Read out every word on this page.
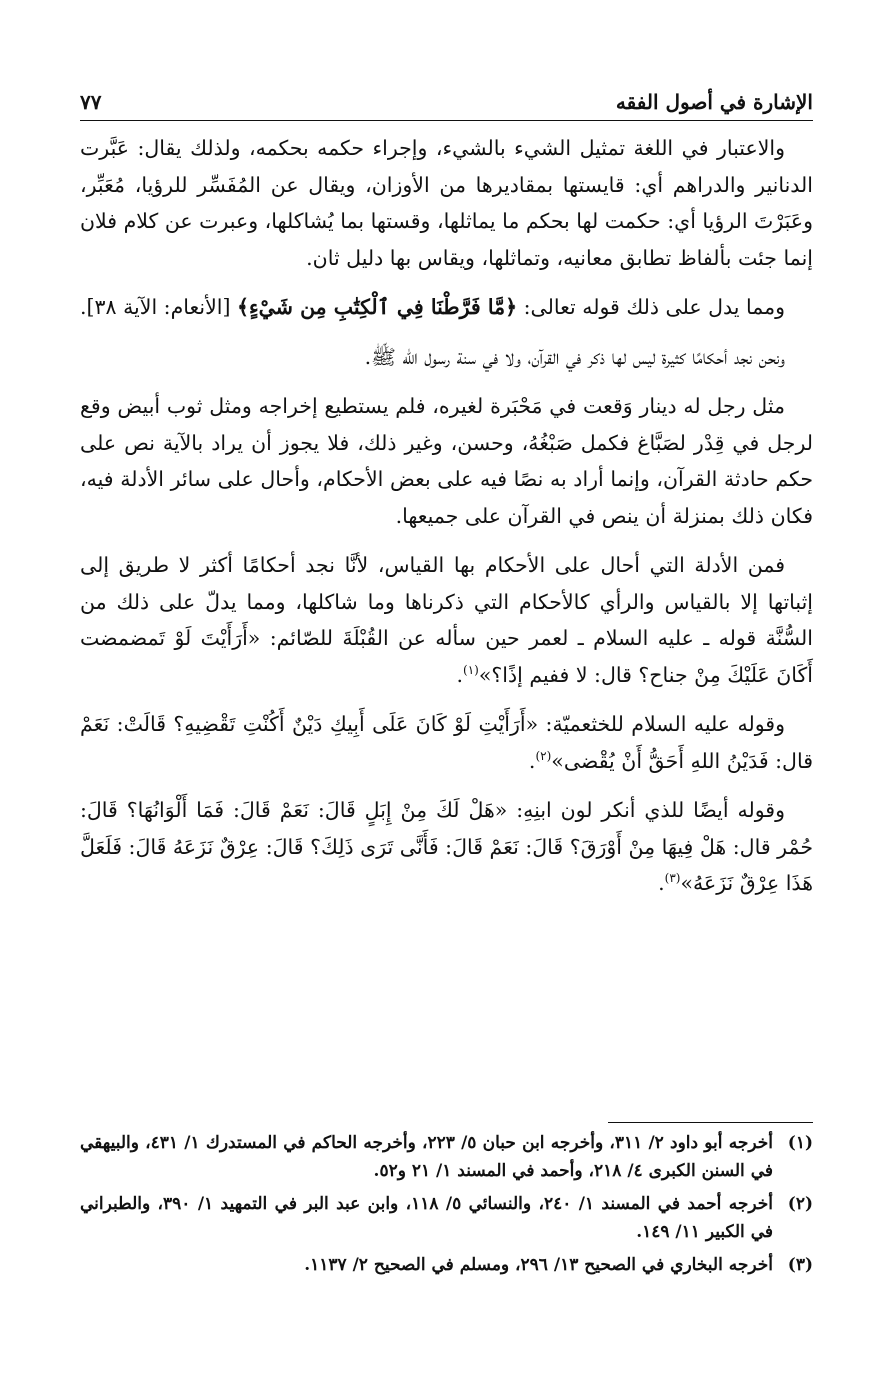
الإشارة في أصول الفقه
٧٧

والاعتبار في اللغة تمثيل الشيء بالشيء، وإجراء حكمه بحكمه، ولذلك يقال: عَبَّرت الدنانير والدراهم أي: قايستها بمقاديرها من الأوزان، ويقال عن المُفَسِّر للرؤيا، مُعَبِّر، وعَبَرْتَ الرؤيا أي: حكمت لها بحكم ما يماثلها، وقستها بما يُشاكلها، وعبرت عن كلام فلان إنما جئت بألفاظ تطابق معانيه، وتماثلها، ويقاس بها دليل ثان.

ومما يدل على ذلك قوله تعالى: ﴿مَّا فَرَّطْنَا فِي ٱلْكِتَٰبِ مِن شَيْءٍ﴾ [الأنعام: الآية ٣٨].

ونحن نجد أحكامًا كثيرة ليس لها ذكر في القرآن، ولا في سنة رسول الله ﷺ.

مثل رجل له دينار وَقعت في مَحْبَرة لغيره، فلم يستطيع إخراجه ومثل ثوب أبيض وقع لرجل في قِدْر لصَبَّاغ فكمل صَبْغُهُ، وحسن، وغير ذلك، فلا يجوز أن يراد بالآية نص على حكم حادثة القرآن، وإنما أراد به نصًا فيه على بعض الأحكام، وأحال على سائر الأدلة فيه، فكان ذلك بمنزلة أن ينص في القرآن على جميعها.

فمن الأدلة التي أحال على الأحكام بها القياس، لأنَّا نجد أحكامًا أكثر لا طريق إلى إثباتها إلا بالقياس والرأي كالأحكام التي ذكرناها وما شاكلها، ومما يدلّ على ذلك من السُّنَّة قوله ـ عليه السلام ـ لعمر حين سأله عن القُبْلَةَ للصّائم: «أَرَأَيْتَ لَوْ تَمضمضت أَكَانَ عَلَيْكَ مِنْ جناح؟ قال: لا ففيم إذًا؟»$^{(١)}$.

وقوله عليه السلام للخثعميّة: «أَرَأَيْتِ لَوْ كَانَ عَلَى أَبِيكِ دَيْنٌ أَكُنْتِ تَقْضِيهِ؟ قَالَتْ: نَعَمْ قال: فَدَيْنُ اللهِ أَحَقُّ أَنْ يُقْضى»$^{(٢)}$.

وقوله أيضًا للذي أنكر لون ابنِهِ: «هَلْ لَكَ مِنْ إِبَلٍ قَالَ: نَعَمْ قَالَ: فَمَا أَلْوَانُهَا؟ قَالَ: حُمْر قال: هَلْ فِيهَا مِنْ أَوْرَقَ؟ قَالَ: نَعَمْ قَالَ: فَأَنَّى تَرَى ذَلِكَ؟ قَالَ: عِرْقٌ نَزَعَهُ قَالَ: فَلَعَلَّ هَذَا عِرْقٌ نَزَعَهُ»$^{(٣)}$.

(١)
أخرجه أبو داود ٢/ ٣١١، وأخرجه ابن حبان ٥/ ٢٢٣، وأخرجه الحاكم في المستدرك ١/ ٤٣١، والبيهقي في السنن الكبرى ٤/ ٢١٨، وأحمد في المسند ١/ ٢١ و٥٢.
(٢)
أخرجه أحمد في المسند ١/ ٢٤٠، والنسائي ٥/ ١١٨، وابن عبد البر في التمهيد ١/ ٣٩٠، والطبراني في الكبير ١١/ ١٤٩.
(٣)
أخرجه البخاري في الصحيح ١٣/ ٢٩٦، ومسلم في الصحيح ٢/ ١١٣٧.
